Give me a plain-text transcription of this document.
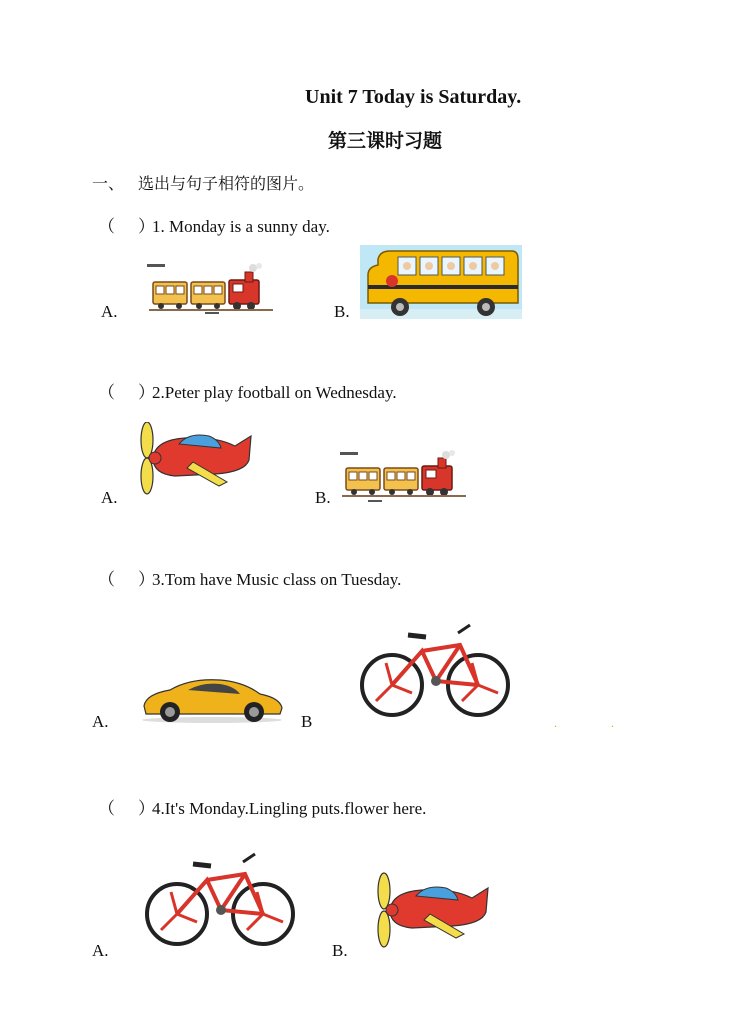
Unit 7 Today is Saturday.
第三课时习题
一、 选出与句子相符的图片。
（ ）1. Monday is a sunny day.
A.	B.
（ ）2.Peter play football on Wednesday.
A.	B.
（ ）3.Tom have Music class on Tuesday.
A.	B	.	.
（ ）4.It's Monday.Lingling puts.flower here.
A.	B.
